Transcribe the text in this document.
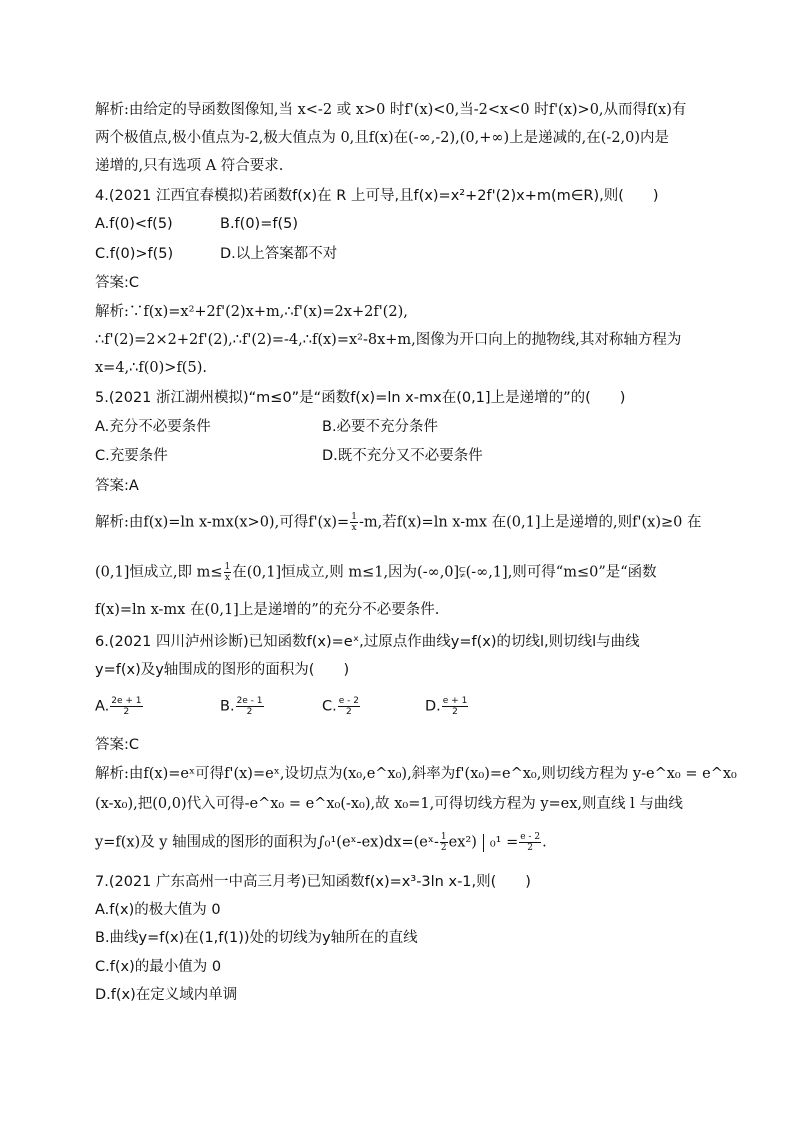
解析:由给定的导函数图像知,当 x<-2 或 x>0 时f'(x)<0,当-2<x<0 时f'(x)>0,从而得f(x)有
两个极值点,极小值点为-2,极大值点为 0,且f(x)在(-∞,-2),(0,+∞)上是递减的,在(-2,0)内是
递增的,只有选项 A 符合要求.
4.(2021 江西宜春模拟)若函数f(x)在 R 上可导,且f(x)=x²+2f'(2)x+m(m∈R),则(　　)
A.f(0)<f(5)	B.f(0)=f(5)
C.f(0)>f(5)	D.以上答案都不对
答案:C
解析:∵f(x)=x²+2f'(2)x+m,∴f'(x)=2x+2f'(2),
∴f'(2)=2×2+2f'(2),∴f'(2)=-4,∴f(x)=x²-8x+m,图像为开口向上的抛物线,其对称轴方程为
x=4,∴f(0)>f(5).
5.(2021 浙江湖州模拟)“m≤0”是“函数f(x)=ln x-mx在(0,1]上是递增的”的(　　)
A.充分不必要条件	B.必要不充分条件
C.充要条件	D.既不充分又不必要条件
答案:A
解析:由f(x)=ln x-mx(x>0),可得$f'(x)= \frac{1}{x} -m$,若f(x)=ln x-mx 在(0,1]上是递增的,则f'(x)≥0 在
(0,1]恒成立,即 $m\le \frac{1}{x}$ 在(0,1]恒成立,则 m≤1,因为(-∞,0]⫋(-∞,1],则可得“m≤0”是“函数
f(x)=ln x-mx 在(0,1]上是递增的”的充分不必要条件.
6.(2021 四川泸州诊断)已知函数f(x)=eˣ,过原点作曲线y=f(x)的切线l,则切线l与曲线
y=f(x)及y轴围成的图形的面积为(　　)
A. $\frac{2e + 1}{2}$	B. $\frac{2e - 1}{2}$	C. $\frac{e - 2}{2}$	D. $\frac{e + 1}{2}$
答案:C
解析:由f(x)=eˣ可得f'(x)=eˣ,设切点为(x₀,e^x₀),斜率为f'(x₀)=e^x₀,则切线方程为 y-e^x₀ = e^x₀
(x-x₀),把(0,0)代入可得-e^x₀ = e^x₀(-x₀),故 x₀=1,可得切线方程为 y=ex,则直线 l 与曲线
y=f(x)及 y 轴围成的图形的面积为∫₀¹(eˣ-ex)dx=(eˣ- $\frac{1}{2} ex^2$) $_0^1 = \frac{e - 2}{2}$ .
7.(2021 广东高州一中高三月考)已知函数f(x)=x³-3ln x-1,则(　　)
A.f(x)的极大值为 0
B.曲线y=f(x)在(1,f(1))处的切线为y轴所在的直线
C.f(x)的最小值为 0
D.f(x)在定义域内单调
